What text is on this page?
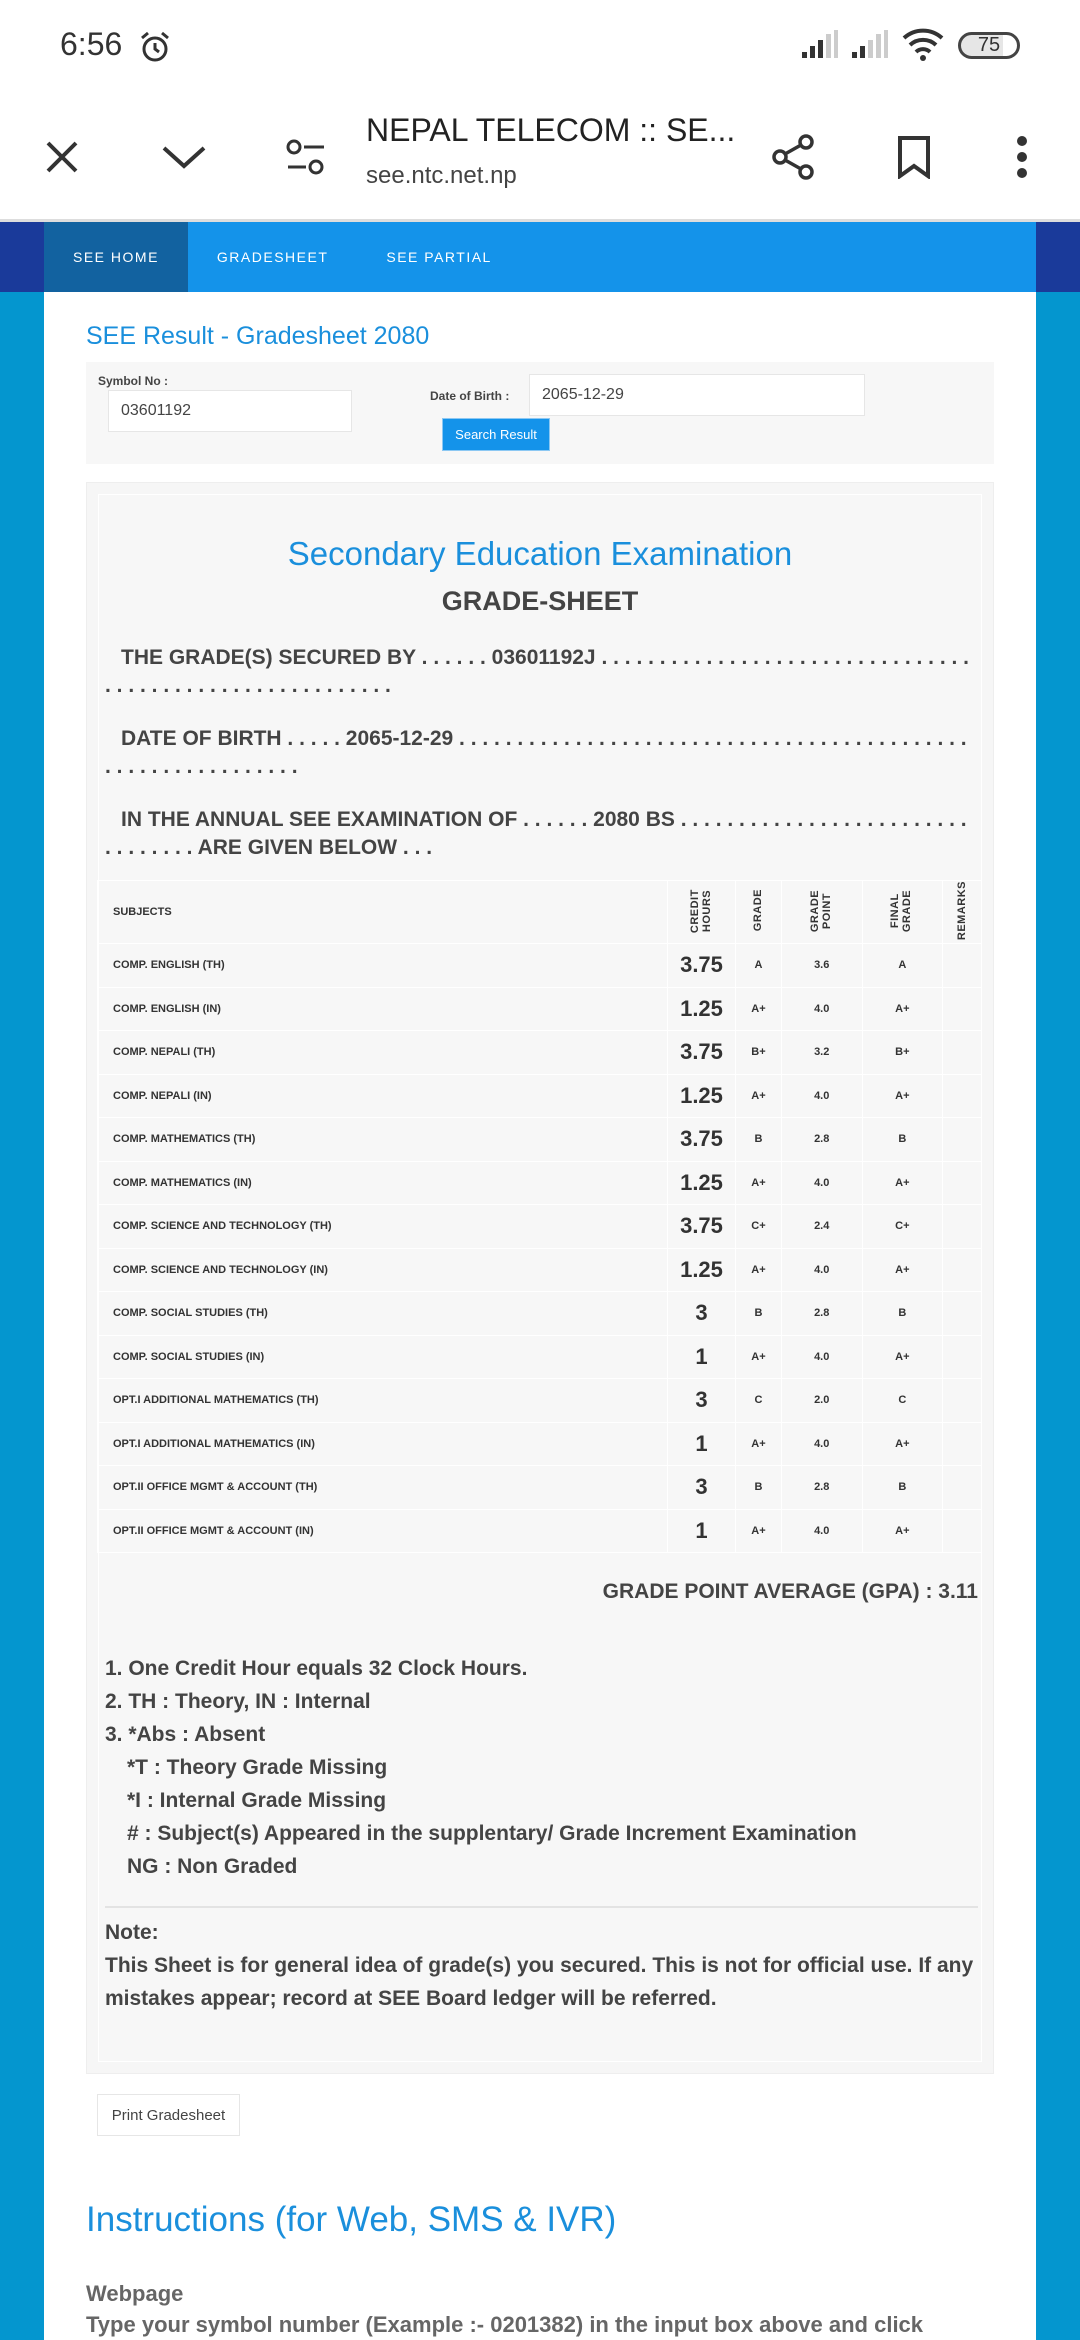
6:56	75
NEPAL TELECOM :: SE...
see.ntc.net.np
SEE HOME	GRADESHEET	SEE PARTIAL
SEE Result - Gradesheet 2080
Symbol No :
03601192
Date of Birth :	2065-12-29
Search Result
Secondary Education Examination
GRADE-SHEET
THE GRADE(S) SECURED BY . . . . . . 03601192J . . . . . . . . . . . . . . . . . . . . . . . . . . . . . . . . . . . . . . . . . . . . . . . . . . . . . . . . .
DATE OF BIRTH . . . . . 2065-12-29 . . . . . . . . . . . . . . . . . . . . . . . . . . . . . . . . . . . . . . . . . . . . . . . . . . . . . . . . . . . . .
IN THE ANNUAL SEE EXAMINATION OF . . . . . . 2080 BS . . . . . . . . . . . . . . . . . . . . . . . . . . . . . . . . . ARE GIVEN BELOW . . .
SUBJECTS	CREDIT HOURS	GRADE	GRADE POINT	FINAL GRADE	REMARKS
COMP. ENGLISH (TH)	3.75	A	3.6	A	
COMP. ENGLISH (IN)	1.25	A+	4.0	A+	
COMP. NEPALI (TH)	3.75	B+	3.2	B+	
COMP. NEPALI (IN)	1.25	A+	4.0	A+	
COMP. MATHEMATICS (TH)	3.75	B	2.8	B	
COMP. MATHEMATICS (IN)	1.25	A+	4.0	A+	
COMP. SCIENCE AND TECHNOLOGY (TH)	3.75	C+	2.4	C+	
COMP. SCIENCE AND TECHNOLOGY (IN)	1.25	A+	4.0	A+	
COMP. SOCIAL STUDIES (TH)	3	B	2.8	B	
COMP. SOCIAL STUDIES (IN)	1	A+	4.0	A+	
OPT.I ADDITIONAL MATHEMATICS (TH)	3	C	2.0	C	
OPT.I ADDITIONAL MATHEMATICS (IN)	1	A+	4.0	A+	
OPT.II OFFICE MGMT & ACCOUNT (TH)	3	B	2.8	B	
OPT.II OFFICE MGMT & ACCOUNT (IN)	1	A+	4.0	A+	
GRADE POINT AVERAGE (GPA) : 3.11
1. One Credit Hour equals 32 Clock Hours.
2. TH : Theory, IN : Internal
3. *Abs : Absent
*T : Theory Grade Missing
*I : Internal Grade Missing
# : Subject(s) Appeared in the supplentary/ Grade Increment Examination
NG : Non Graded
Note:
This Sheet is for general idea of grade(s) you secured. This is not for official use. If any mistakes appear; record at SEE Board ledger will be referred.
Print Gradesheet
Instructions (for Web, SMS & IVR)
Webpage
Type your symbol number (Example :- 0201382) in the input box above and click
